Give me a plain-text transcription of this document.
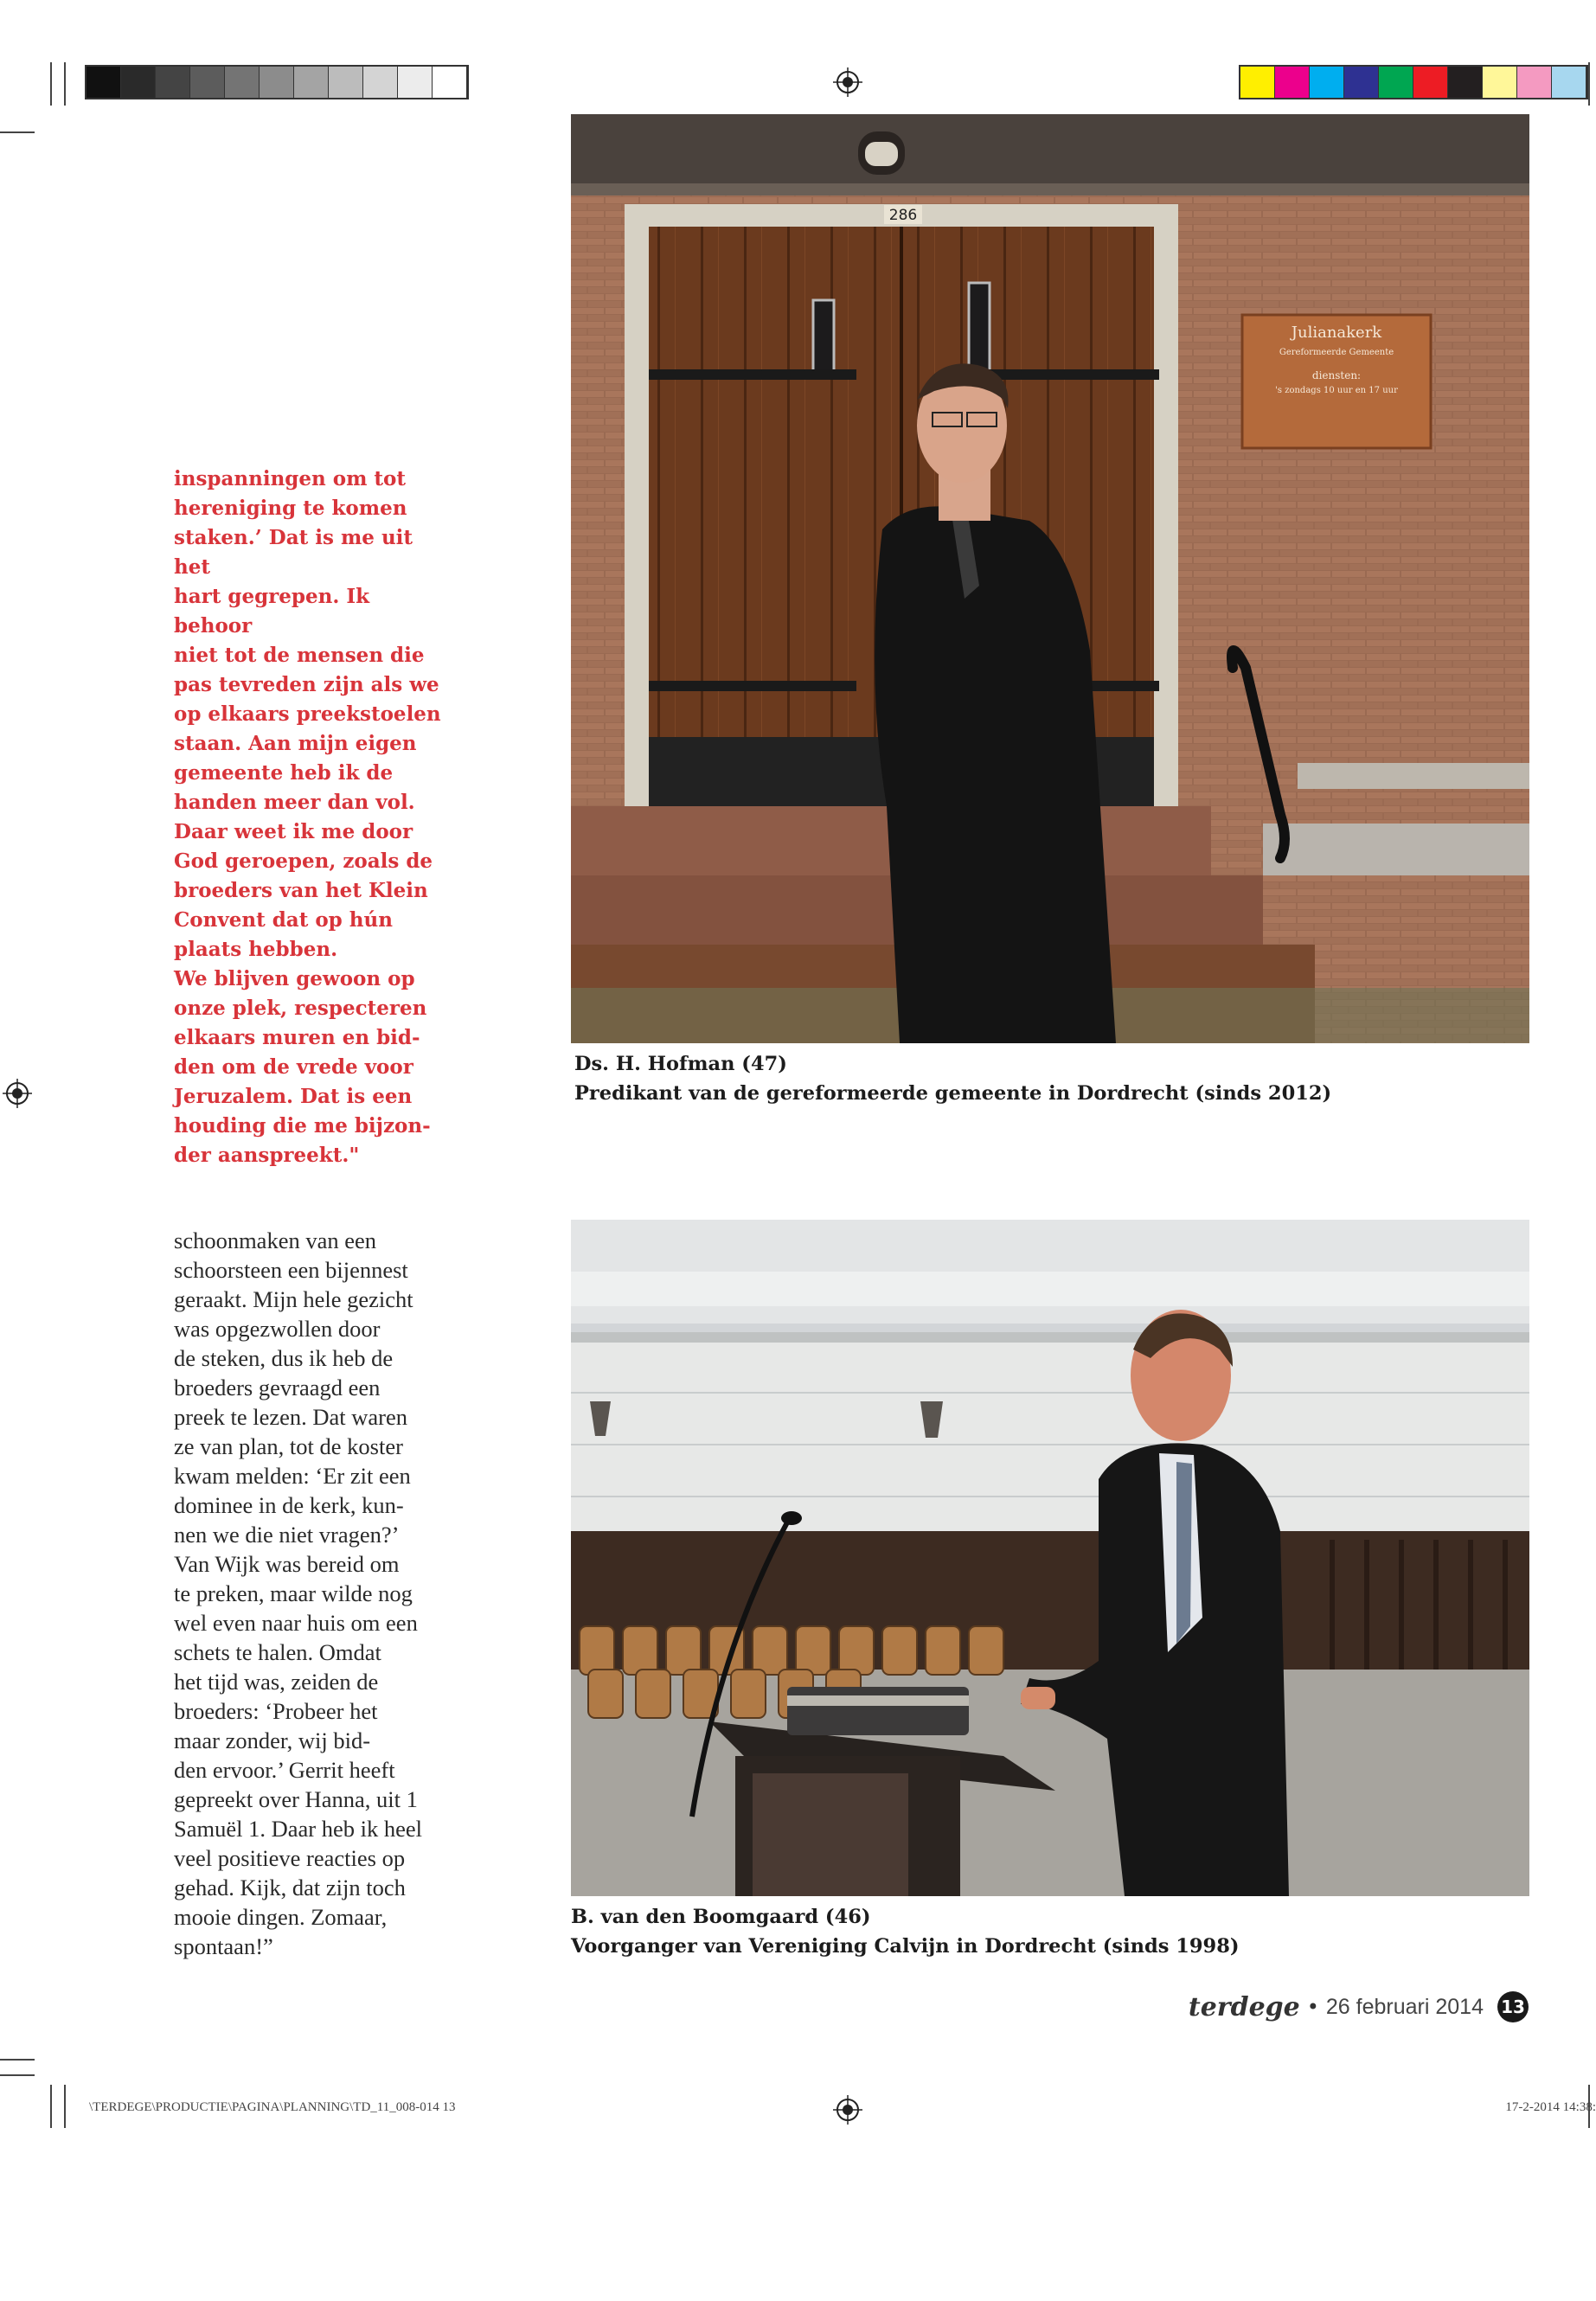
inspanningen om tot
hereniging te komen
staken.’ Dat is me uit het
hart gegrepen. Ik behoor
niet tot de mensen die
pas tevreden zijn als we
op elkaars preekstoelen
staan. Aan mijn eigen
gemeente heb ik de
handen meer dan vol.
Daar weet ik me door
God geroepen, zoals de
broeders van het Klein
Convent dat op hún
plaats hebben.
We blijven gewoon op
onze plek, respecteren
elkaars muren en bid-
den om de vrede voor
Jeruzalem. Dat is een
houding die me bijzon-
der aanspreekt."
schoonmaken van een
schoorsteen een bijennest
geraakt. Mijn hele gezicht
was opgezwollen door
de steken, dus ik heb de
broeders gevraagd een
preek te lezen. Dat waren
ze van plan, tot de koster
kwam melden: ‘Er zit een
dominee in de kerk, kun-
nen we die niet vragen?’
Van Wijk was bereid om
te preken, maar wilde nog
wel even naar huis om een
schets te halen. Omdat
het tijd was, zeiden de
broeders: ‘Probeer het
maar zonder, wij bid-
den ervoor.’ Gerrit heeft
gepreekt over Hanna, uit 1
Samuël 1. Daar heb ik heel
veel positieve reacties op
gehad. Kijk, dat zijn toch
mooie dingen. Zomaar,
spontaan!”
286
Julianakerk
Gereformeerde Gemeente
diensten:
's zondags 10 uur en 17 uur
Ds. H. Hofman (47)
Predikant van de gereformeerde gemeente in Dordrecht (sinds 2012)
B. van den Boomgaard (46)
Voorganger van Vereniging Calvijn in Dordrecht (sinds 1998)
terdege • 26 februari 2014 13
\TERDEGE\PRODUCTIE\PAGINA\PLANNING\TD_11_008-014 13	17-2-2014 14:38:
